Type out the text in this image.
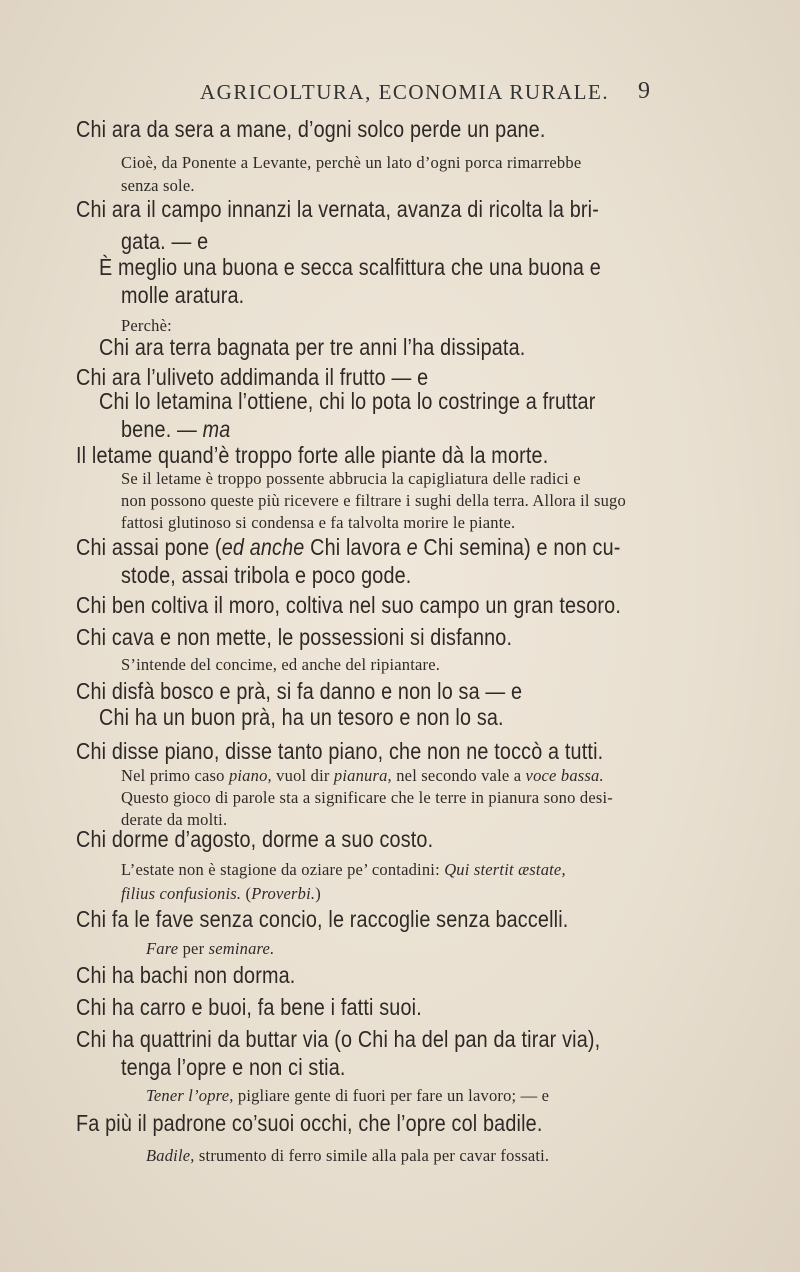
AGRICOLTURA, ECONOMIA RURALE. 9
Chi ara da sera a mane, d’ogni solco perde un pane.
Cioè, da Ponente a Levante, perchè un lato d’ogni porca rimarrebbe
senza sole.
Chi ara il campo innanzi la vernata, avanza di ricolta la bri-
gata. — e
È meglio una buona e secca scalfittura che una buona e
molle aratura.
Perchè:
Chi ara terra bagnata per tre anni l’ha dissipata.
Chi ara l’uliveto addimanda il frutto — e
Chi lo letamina l’ottiene, chi lo pota lo costringe a fruttar
bene. — ma
Il letame quand’è troppo forte alle piante dà la morte.
Se il letame è troppo possente abbrucia la capigliatura delle radici e
non possono queste più ricevere e filtrare i sughi della terra. Allora il sugo
fattosi glutinoso si condensa e fa talvolta morire le piante.
Chi assai pone (ed anche Chi lavora e Chi semina) e non cu-
stode, assai tribola e poco gode.
Chi ben coltiva il moro, coltiva nel suo campo un gran tesoro.
Chi cava e non mette, le possessioni si disfanno.
S’intende del concime, ed anche del ripiantare.
Chi disfà bosco e prà, si fa danno e non lo sa — e
Chi ha un buon prà, ha un tesoro e non lo sa.
Chi disse piano, disse tanto piano, che non ne toccò a tutti.
Nel primo caso piano, vuol dir pianura, nel secondo vale a voce bassa.
Questo gioco di parole sta a significare che le terre in pianura sono desi-
derate da molti.
Chi dorme d’agosto, dorme a suo costo.
L’estate non è stagione da oziare pe’ contadini: Qui stertit æstate,
filius confusionis. (Proverbi.)
Chi fa le fave senza concio, le raccoglie senza baccelli.
Fare per seminare.
Chi ha bachi non dorma.
Chi ha carro e buoi, fa bene i fatti suoi.
Chi ha quattrini da buttar via (o Chi ha del pan da tirar via),
tenga l’opre e non ci stia.
Tener l’opre, pigliare gente di fuori per fare un lavoro; — e
Fa più il padrone co’suoi occhi, che l’opre col badile.
Badile, strumento di ferro simile alla pala per cavar fossati.
